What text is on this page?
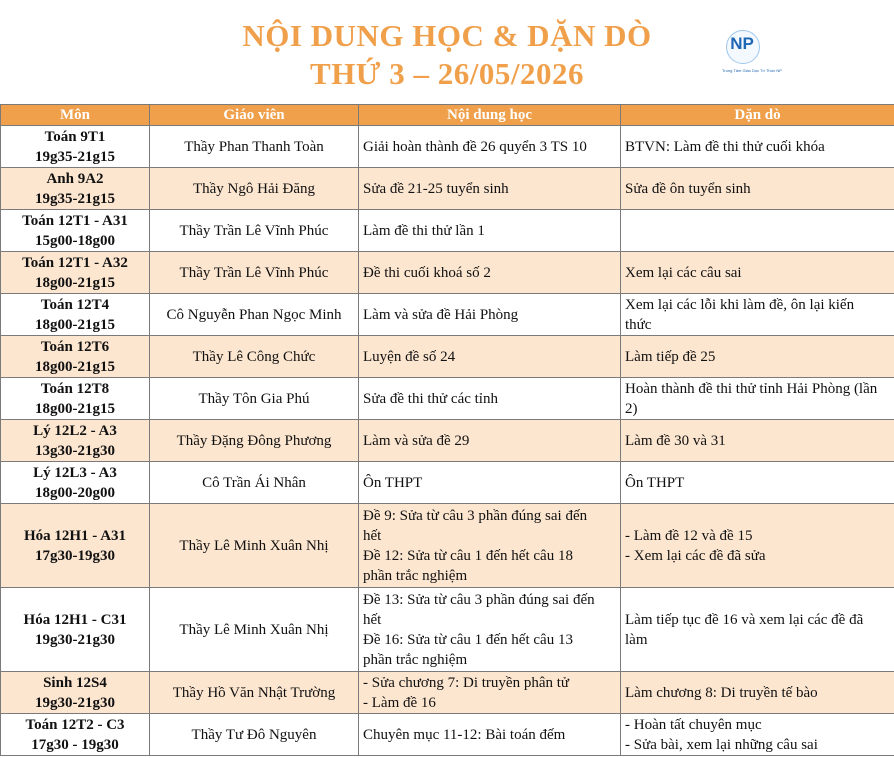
NỘI DUNG HỌC & DẶN DÒ
THỨ 3 – 26/05/2026
NP
Trung Tâm Giáo Dục Trí Thức NP
Môn	Giáo viên	Nội dung học	Dặn dò

Toán 9T1
19g35-21g15	Thầy Phan Thanh Toàn	Giải hoàn thành đề 26 quyển 3 TS 10	BTVN: Làm đề thi thử cuối khóa

Anh 9A2
19g35-21g15	Thầy Ngô Hải Đăng	Sửa đề 21-25 tuyển sinh	Sửa đề ôn tuyển sinh

Toán 12T1 - A31
15g00-18g00	Thầy Trần Lê Vĩnh Phúc	Làm đề thi thử lần 1	

Toán 12T1 - A32
18g00-21g15	Thầy Trần Lê Vĩnh Phúc	Đề thi cuối khoá số 2	Xem lại các câu sai

Toán 12T4
18g00-21g15	Cô Nguyễn Phan Ngọc Minh	Làm và sửa đề Hải Phòng	Xem lại các lỗi khi làm đề, ôn lại kiến
thức

Toán 12T6
18g00-21g15	Thầy Lê Công Chức	Luyện đề số 24	Làm tiếp đề 25

Toán 12T8
18g00-21g15	Thầy Tôn Gia Phú	Sửa đề thi thử các tỉnh	Hoàn thành đề thi thử tỉnh Hải Phòng (lần
2)

Lý 12L2 - A3
13g30-21g30	Thầy Đặng Đông Phương	Làm và sửa đề 29	Làm đề 30 và 31

Lý 12L3 - A3
18g00-20g00	Cô Trần Ái Nhân	Ôn THPT	Ôn THPT

Hóa 12H1 - A31
17g30-19g30	Thầy Lê Minh Xuân Nhị	Đề 9: Sửa từ câu 3 phần đúng sai đến
hết
Đề 12: Sửa từ câu 1 đến hết câu 18
phần trắc nghiệm	- Làm đề 12 và đề 15
- Xem lại các đề đã sửa

Hóa 12H1 - C31
19g30-21g30	Thầy Lê Minh Xuân Nhị	Đề 13: Sửa từ câu 3 phần đúng sai đến
hết
Đề 16: Sửa từ câu 1 đến hết câu 13
phần trắc nghiệm	Làm tiếp tục đề 16 và xem lại các đề đã
làm

Sinh 12S4
19g30-21g30	Thầy Hồ Văn Nhật Trường	- Sửa chương 7: Di truyền phân tử
- Làm đề 16	Làm chương 8: Di truyền tế bào

Toán 12T2 - C3
17g30 - 19g30	Thầy Tư Đô Nguyên	Chuyên mục 11-12: Bài toán đếm	- Hoàn tất chuyên mục
- Sửa bài, xem lại những câu sai
